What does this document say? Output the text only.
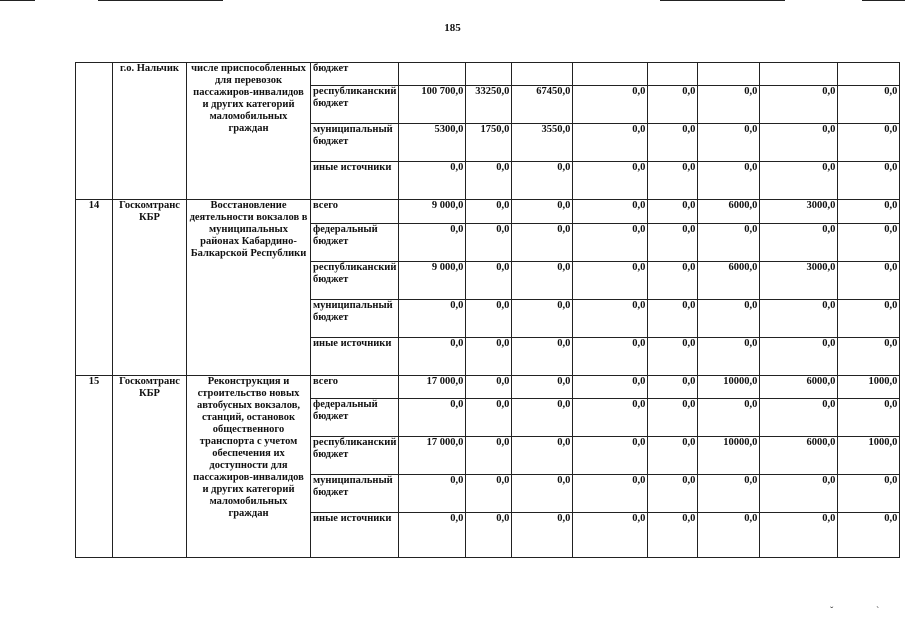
185
	г.о. Нальчик	числе приспособленных для перевозок пассажиров-инвалидов и других категорий маломобильных граждан	бюджет								
			республиканский бюджет	100 700,0	33250,0	67450,0	0,0	0,0	0,0	0,0	0,0
			муниципальный бюджет	5300,0	1750,0	3550,0	0,0	0,0	0,0	0,0	0,0
			иные источники	0,0	0,0	0,0	0,0	0,0	0,0	0,0	0,0
14	Госкомтранс КБР	Восстановление деятельности вокзалов в муниципальных районах Кабардино-Балкарской Республики	всего	9 000,0	0,0	0,0	0,0	0,0	6000,0	3000,0	0,0
			федеральный бюджет	0,0	0,0	0,0	0,0	0,0	0,0	0,0	0,0
			республиканский бюджет	9 000,0	0,0	0,0	0,0	0,0	6000,0	3000,0	0,0
			муниципальный бюджет	0,0	0,0	0,0	0,0	0,0	0,0	0,0	0,0
			иные источники	0,0	0,0	0,0	0,0	0,0	0,0	0,0	0,0
15	Госкомтранс КБР	Реконструкция и строительство новых автобусных вокзалов, станций, остановок общественного транспорта с учетом обеспечения их доступности для пассажиров-инвалидов и других категорий маломобильных граждан	всего	17 000,0	0,0	0,0	0,0	0,0	10000,0	6000,0	1000,0
			федеральный бюджет	0,0	0,0	0,0	0,0	0,0	0,0	0,0	0,0
			республиканский бюджет	17 000,0	0,0	0,0	0,0	0,0	10000,0	6000,0	1000,0
			муниципальный бюджет	0,0	0,0	0,0	0,0	0,0	0,0	0,0	0,0
			иные источники	0,0	0,0	0,0	0,0	0,0	0,0	0,0	0,0
ˇ	ˋ
